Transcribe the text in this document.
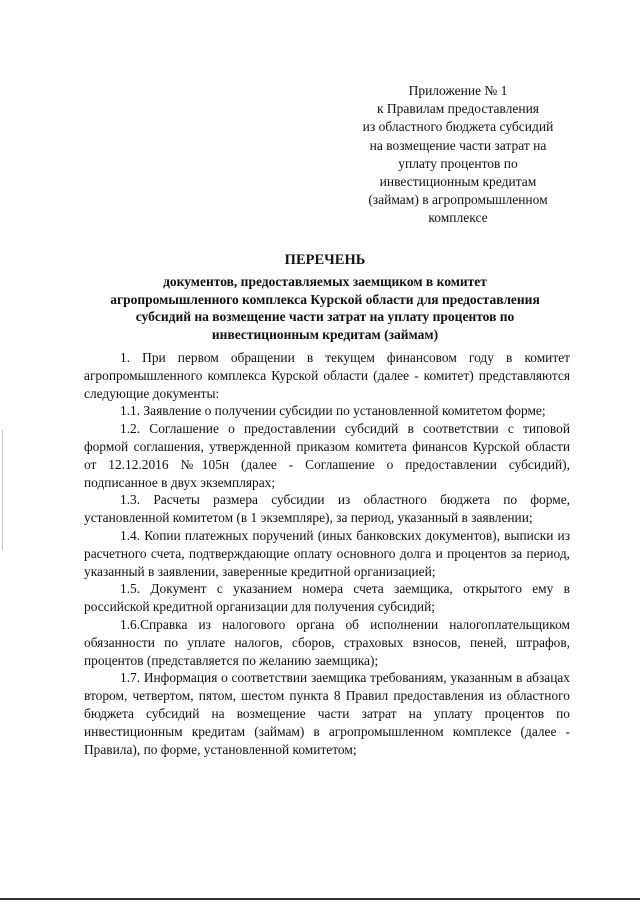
Приложение № 1
к Правилам предоставления
из областного бюджета субсидий
на возмещение части затрат на
уплату процентов по
инвестиционным кредитам
(займам) в агропромышленном
комплексе
ПЕРЕЧЕНЬ
документов, предоставляемых заемщиком в комитет
агропромышленного комплекса Курской области для предоставления
субсидий на возмещение части затрат на уплату процентов по
инвестиционным кредитам (займам)

1. При первом обращении в текущем финансовом году в комитет агропромышленного комплекса Курской области (далее - комитет) представляются следующие документы:

1.1. Заявление о получении субсидии по установленной комитетом форме;

1.2. Соглашение о предоставлении субсидий в соответствии с типовой формой соглашения, утвержденной приказом комитета финансов Курской области от 12.12.2016 №105н (далее - Соглашение о предоставлении субсидий), подписанное в двух экземплярах;

1.3. Расчеты размера субсидии из областного бюджета по форме, установленной комитетом (в 1 экземпляре), за период, указанный в заявлении;

1.4. Копии платежных поручений (иных банковских документов), выписки из расчетного счета, подтверждающие оплату основного долга и процентов за период, указанный в заявлении, заверенные кредитной организацией;

1.5. Документ с указанием номера счета заемщика, открытого ему в российской кредитной организации для получения субсидий;

1.6.Справка из налогового органа об исполнении налогоплательщиком обязанности по уплате налогов, сборов, страховых взносов, пеней, штрафов, процентов (представляется по желанию заемщика);

1.7. Информация о соответствии заемщика требованиям, указанным в абзацах втором, четвертом, пятом, шестом пункта 8 Правил предоставления из областного бюджета субсидий на возмещение части затрат на уплату процентов по инвестиционным кредитам (займам) в агропромышленном комплексе (далее - Правила), по форме, установленной комитетом;
